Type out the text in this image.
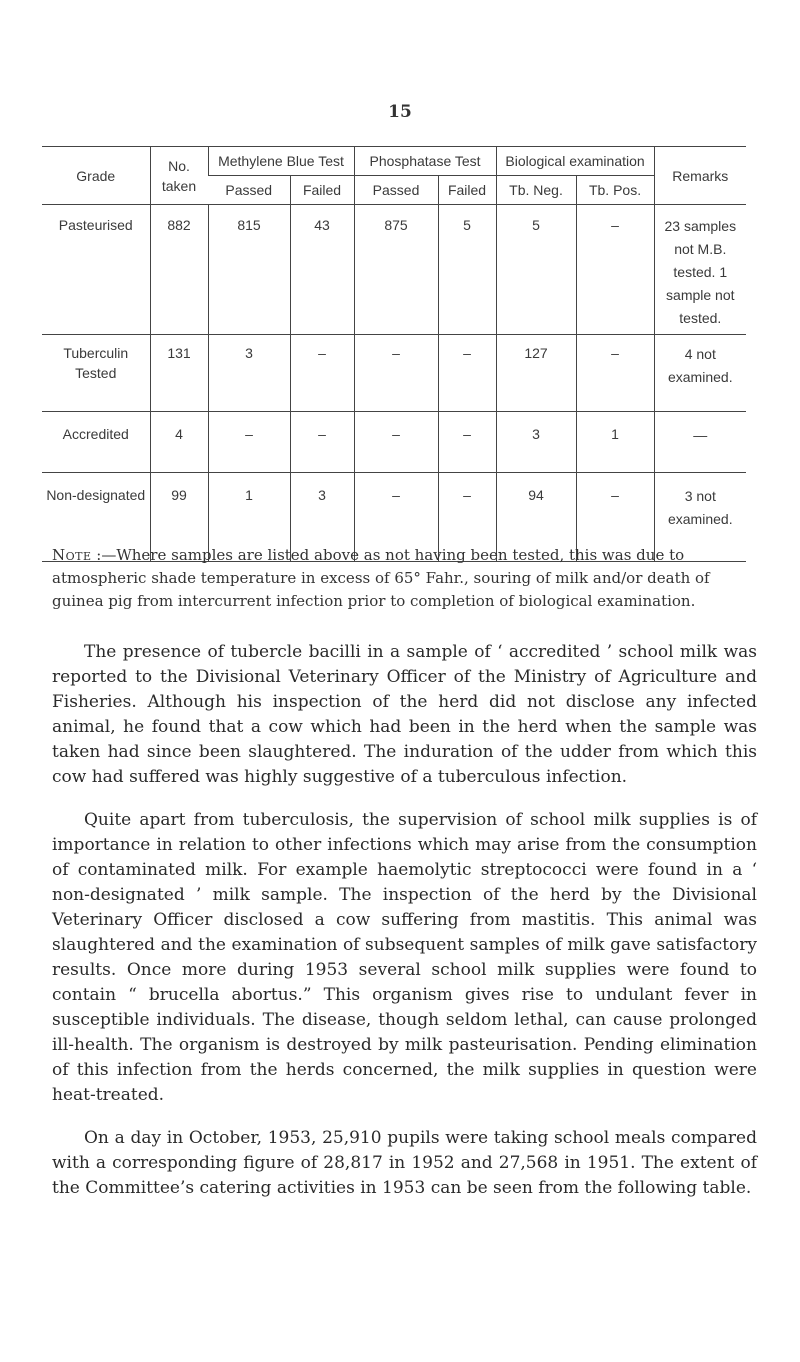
15
Grade	No. taken	Methylene Blue Test		Phosphatase Test		Biological examination		Remarks
		Passed	Failed	Passed	Failed	Tb. Neg.	Tb. Pos.	
Pasteurised	882	815	43	875	5	5	–	23 samples not M.B. tested. 1 sample not tested.
Tuberculin Tested	131	3	–	–	–	127	–	4 not examined.
Accredited	4	–	–	–	–	3	1	—
Non-designated	99	1	3	–	–	94	–	3 not examined.
Note :—Where samples are listed above as not having been tested, this was due to atmospheric shade temperature in excess of 65° Fahr., souring of milk and/or death of guinea pig from intercurrent infection prior to completion of biological examination.

The presence of tubercle bacilli in a sample of ‘ accredited ’ school milk was reported to the Divisional Veterinary Officer of the Ministry of Agriculture and Fisheries. Although his inspection of the herd did not disclose any infected animal, he found that a cow which had been in the herd when the sample was taken had since been slaughtered. The induration of the udder from which this cow had suffered was highly suggestive of a tuberculous infection.

Quite apart from tuberculosis, the supervision of school milk supplies is of importance in relation to other infections which may arise from the consumption of contaminated milk. For example haemolytic streptococci were found in a ‘ non-designated ’ milk sample. The inspection of the herd by the Divisional Veterinary Officer disclosed a cow suffering from mastitis. This animal was slaughtered and the examination of subsequent samples of milk gave satisfactory results. Once more during 1953 several school milk supplies were found to contain “ brucella abortus.” This organism gives rise to undulant fever in susceptible individuals. The disease, though seldom lethal, can cause prolonged ill-health. The organism is destroyed by milk pasteurisation. Pending elimination of this infection from the herds concerned, the milk supplies in question were heat-treated.

On a day in October, 1953, 25,910 pupils were taking school meals compared with a corresponding figure of 28,817 in 1952 and 27,568 in 1951. The extent of the Committee’s catering activities in 1953 can be seen from the following table.
